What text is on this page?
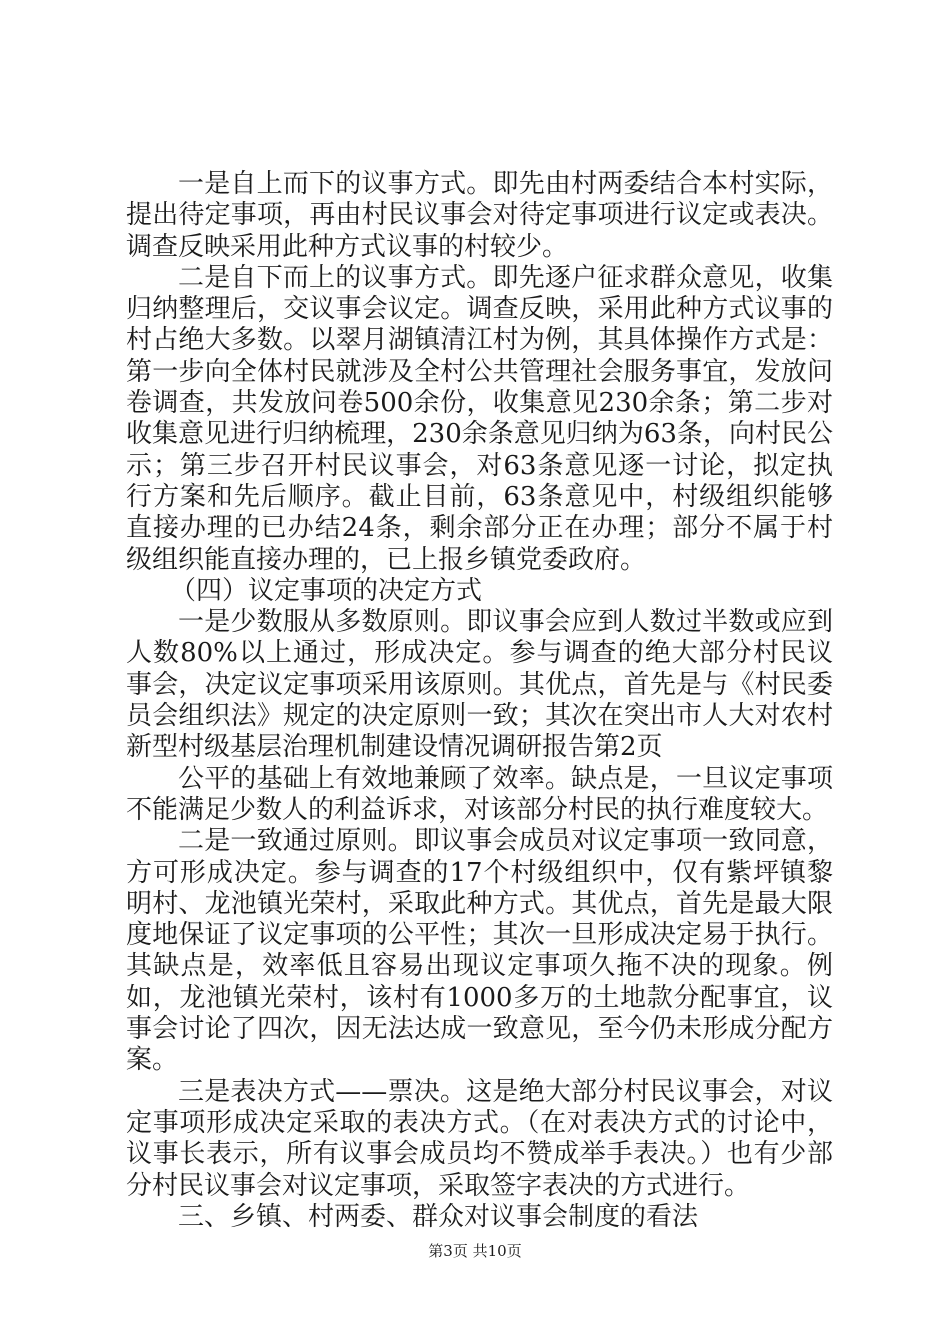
一是自上而下的议事方式。即先由村两委结合本村实际，提出待定事项，再由村民议事会对待定事项进行议定或表决。调查反映采用此种方式议事的村较少。

二是自下而上的议事方式。即先逐户征求群众意见，收集归纳整理后，交议事会议定。调查反映，采用此种方式议事的村占绝大多数。以翠月湖镇清江村为例，其具体操作方式是：第一步向全体村民就涉及全村公共管理社会服务事宜，发放问卷调查，共发放问卷500余份，收集意见230余条；第二步对收集意见进行归纳梳理，230余条意见归纳为63条，向村民公示；第三步召开村民议事会，对63条意见逐一讨论，拟定执行方案和先后顺序。截止目前，63条意见中，村级组织能够直接办理的已办结24条，剩余部分正在办理；部分不属于村级组织能直接办理的，已上报乡镇党委政府。

（四）议定事项的决定方式

一是少数服从多数原则。即议事会应到人数过半数或应到人数80%以上通过，形成决定。参与调查的绝大部分村民议事会，决定议定事项采用该原则。其优点，首先是与《村民委员会组织法》规定的决定原则一致；其次在突出市人大对农村新型村级基层治理机制建设情况调研报告第2页

公平的基础上有效地兼顾了效率。缺点是，一旦议定事项不能满足少数人的利益诉求，对该部分村民的执行难度较大。

二是一致通过原则。即议事会成员对议定事项一致同意，方可形成决定。参与调查的17个村级组织中，仅有紫坪镇黎明村、龙池镇光荣村，采取此种方式。其优点，首先是最大限度地保证了议定事项的公平性；其次一旦形成决定易于执行。其缺点是，效率低且容易出现议定事项久拖不决的现象。例如，龙池镇光荣村，该村有1000多万的土地款分配事宜，议事会讨论了四次，因无法达成一致意见，至今仍未形成分配方案。

三是表决方式——票决。这是绝大部分村民议事会，对议定事项形成决定采取的表决方式。（在对表决方式的讨论中，议事长表示，所有议事会成员均不赞成举手表决。）也有少部分村民议事会对议定事项，采取签字表决的方式进行。

三、乡镇、村两委、群众对议事会制度的看法

第3页 共10页
